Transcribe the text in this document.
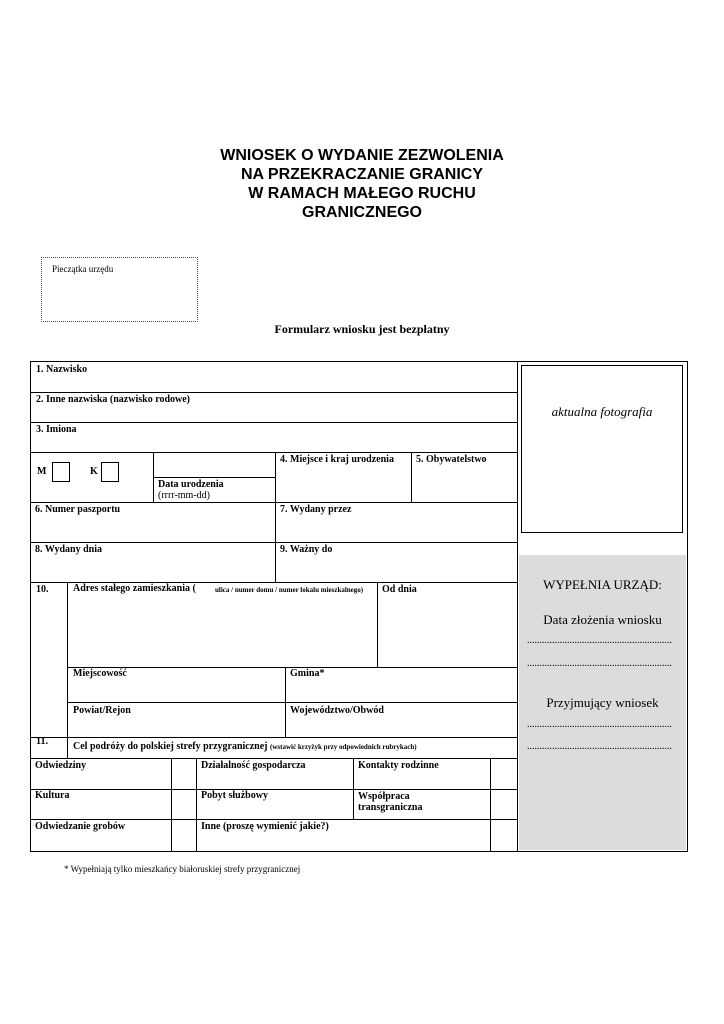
WNIOSEK O WYDANIE ZEZWOLENIA
NA PRZEKRACZANIE GRANICY
W RAMACH MAŁEGO RUCHU
GRANICZNEGO
Pieczątka urzędu
Formularz wniosku jest bezpłatny
1. Nazwisko
2. Inne nazwiska (nazwisko rodowe)
3. Imiona
M	K
Data urodzenia
(rrrr-mm-dd)
4. Miejsce i kraj urodzenia 5. Obywatelstwo
6. Numer paszportu	7. Wydany przez
8. Wydany dnia	9. Ważny do
10. Adres stałego zamieszkania (	ulica / numer domu / numer lokalu mieszkalnego)	Od dnia
Miejscowość	Gmina*
Powiat/Rejon	Województwo/Obwód
11.	Cel podróży do polskiej strefy przygranicznej (wstawić krzyżyk przy odpowiednich rubrykach)
Odwiedziny	Działalność gospodarcza	Kontakty rodzinne
Kultura	Pobyt służbowy	Współpraca
transgraniczna
Odwiedzanie grobów	Inne (proszę wymienić jakie?)
aktualna fotografia
WYPEŁNIA URZĄD:
Data złożenia wniosku
..........................................................
..........................................................
Przyjmujący wniosek
..........................................................
..........................................................
* Wypełniają tylko mieszkańcy białoruskiej strefy przygranicznej
